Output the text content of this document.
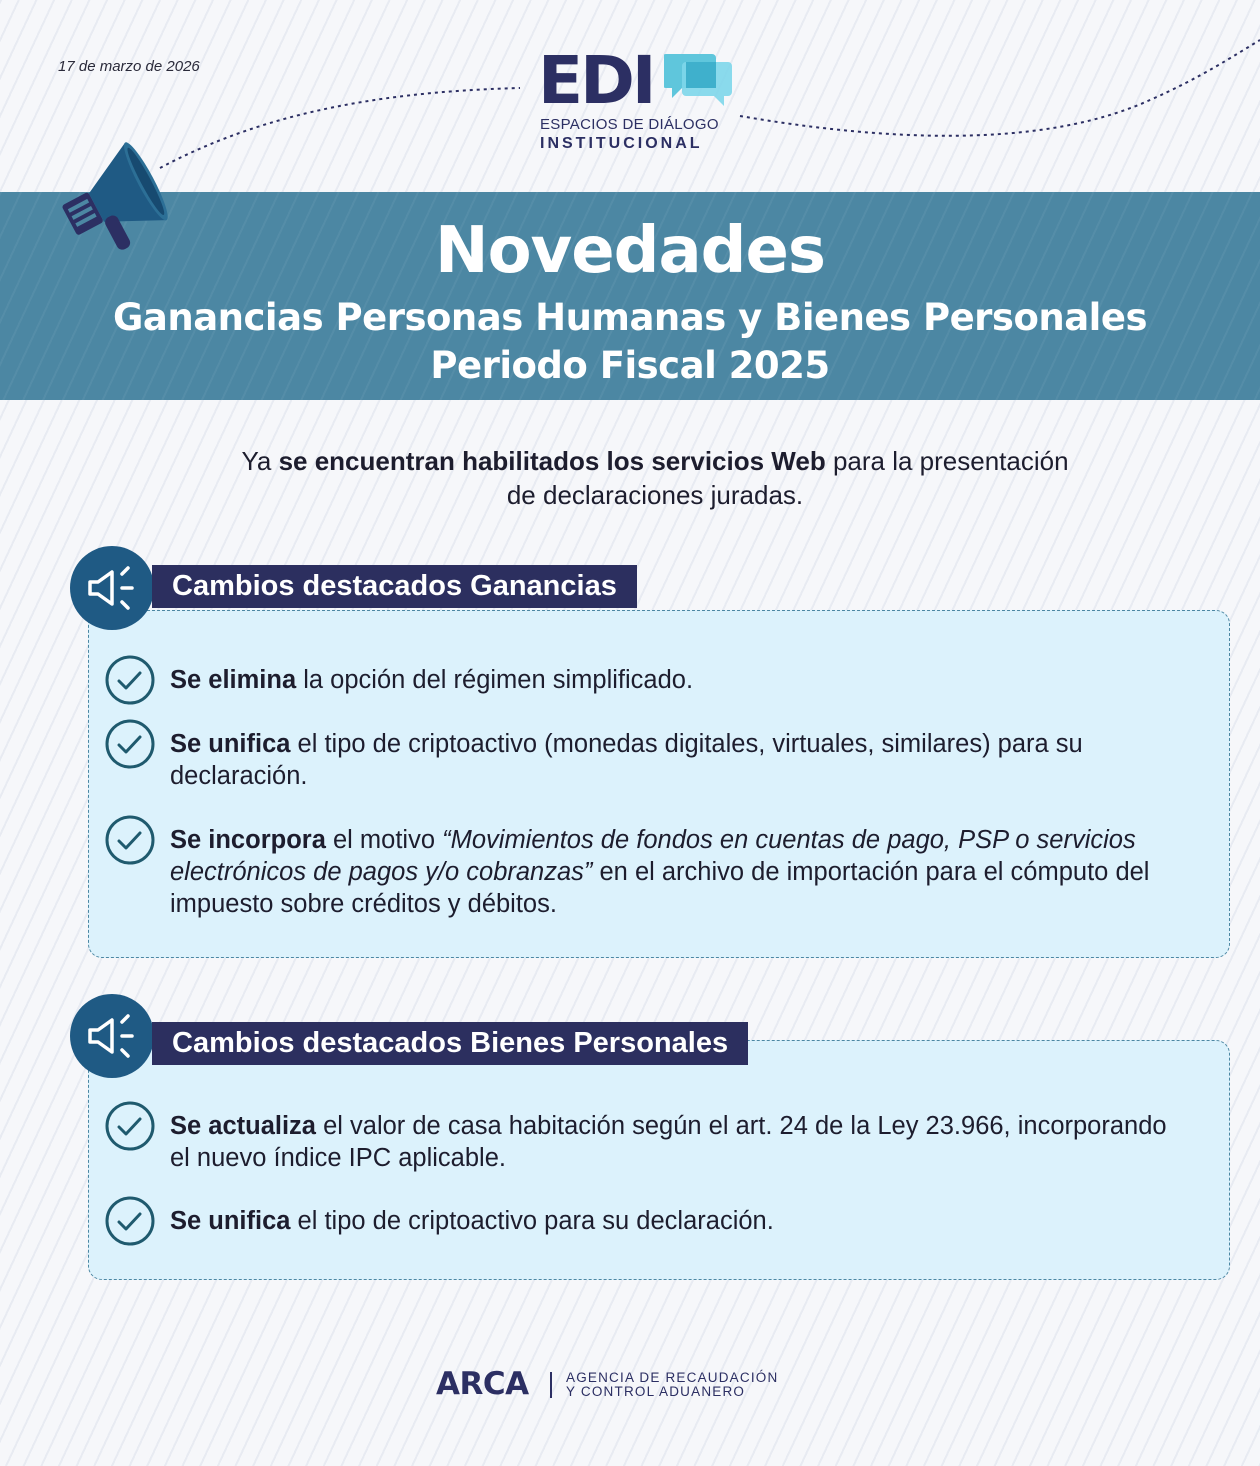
17 de marzo de 2026	EDI
ESPACIOS DE DIÁLOGO
INSTITUCIONAL
Novedades
Ganancias Personas Humanas y Bienes Personales
Periodo Fiscal 2025
Ya se encuentran habilitados los servicios Web para la presentación
de declaraciones juradas.
Cambios destacados Ganancias
Se elimina la opción del régimen simplificado.
Se unifica el tipo de criptoactivo (monedas digitales, virtuales, similares) para su declaración.
Se incorpora el motivo “Movimientos de fondos en cuentas de pago, PSP o servicios electrónicos de pagos y/o cobranzas” en el archivo de importación para el cómputo del impuesto sobre créditos y débitos.
Cambios destacados Bienes Personales
Se actualiza el valor de casa habitación según el art. 24 de la Ley 23.966, incorporando el nuevo índice IPC aplicable.
Se unifica el tipo de criptoactivo para su declaración.
ARCA	AGENCIA DE RECAUDACIÓN
Y CONTROL ADUANERO
